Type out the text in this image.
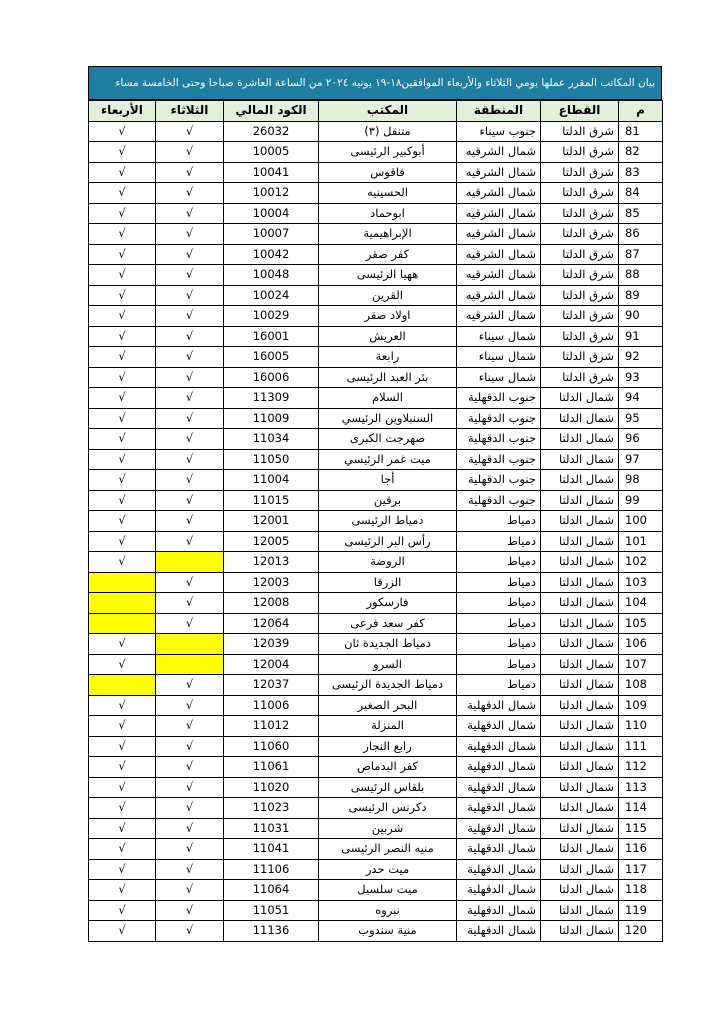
بيان المكاتب المقرر عملها يومي الثلاثاء والأربعاء الموافقين١٨-١٩ يونيه ٢٠٢٤ من الساعة العاشرة صباحا وحتى الخامسة مساء
م	القطاع	المنطقة	المكتب	الكود المالي	الثلاثاء	الأربعاء
81	شرق الدلتا	جنوب سيناء	متنقل (٣)	26032	√	√
82	شرق الدلتا	شمال الشرقيه	أبوكبير الرئيسى	10005	√	√
83	شرق الدلتا	شمال الشرقيه	فاقوس	10041	√	√
84	شرق الدلتا	شمال الشرقيه	الحسينيه	10012	√	√
85	شرق الدلتا	شمال الشرقيه	ابوحماد	10004	√	√
86	شرق الدلتا	شمال الشرقيه	الإبراهيمية	10007	√	√
87	شرق الدلتا	شمال الشرقيه	كفر صقر	10042	√	√
88	شرق الدلتا	شمال الشرقيه	ههيا الرئيسى	10048	√	√
89	شرق الدلتا	شمال الشرقيه	القرين	10024	√	√
90	شرق الدلتا	شمال الشرقيه	اولاد صقر	10029	√	√
91	شرق الدلتا	شمال سيناء	العريش	16001	√	√
92	شرق الدلتا	شمال سيناء	رابعة	16005	√	√
93	شرق الدلتا	شمال سيناء	بئر العبد الرئيسى	16006	√	√
94	شمال الدلتا	جنوب الدقهلية	السلام	11309	√	√
95	شمال الدلتا	جنوب الدقهلية	السنبلاوين الرئيسي	11009	√	√
96	شمال الدلتا	جنوب الدقهلية	صهرجت الكبرى	11034	√	√
97	شمال الدلتا	جنوب الدقهلية	ميت غمر الرئيسي	11050	√	√
98	شمال الدلتا	جنوب الدقهلية	أجا	11004	√	√
99	شمال الدلتا	جنوب الدقهلية	برقين	11015	√	√
100	شمال الدلتا	دمياط	دمياط الرئيسى	12001	√	√
101	شمال الدلتا	دمياط	رأس البر الرئيسى	12005	√	√
102	شمال الدلتا	دمياط	الروضة	12013		√
103	شمال الدلتا	دمياط	الزرقا	12003	√	
104	شمال الدلتا	دمياط	فارسكور	12008	√	
105	شمال الدلتا	دمياط	كفر سعد فرعى	12064	√	
106	شمال الدلتا	دمياط	دمياط الجديدة ثان	12039		√
107	شمال الدلتا	دمياط	السرو	12004		√
108	شمال الدلتا	دمياط	دمياط الجديدة الرئيسى	12037	√	
109	شمال الدلتا	شمال الدقهلية	البحر الصغير	11006	√	√
110	شمال الدلتا	شمال الدقهلية	المنزلة	11012	√	√
111	شمال الدلتا	شمال الدقهلية	رابع النجار	11060	√	√
112	شمال الدلتا	شمال الدقهلية	كفر البدماص	11061	√	√
113	شمال الدلتا	شمال الدقهلية	بلقاس الرئيسى	11020	√	√
114	شمال الدلتا	شمال الدقهلية	دكرنس الرئيسى	11023	√	√
115	شمال الدلتا	شمال الدقهلية	شربين	11031	√	√
116	شمال الدلتا	شمال الدقهلية	منيه النصر الرئيسى	11041	√	√
117	شمال الدلتا	شمال الدقهلية	ميت حدر	11106	√	√
118	شمال الدلتا	شمال الدقهلية	ميت سلسيل	11064	√	√
119	شمال الدلتا	شمال الدقهلية	نبروه	11051	√	√
120	شمال الدلتا	شمال الدقهلية	منية سندوب	11136	√	√
